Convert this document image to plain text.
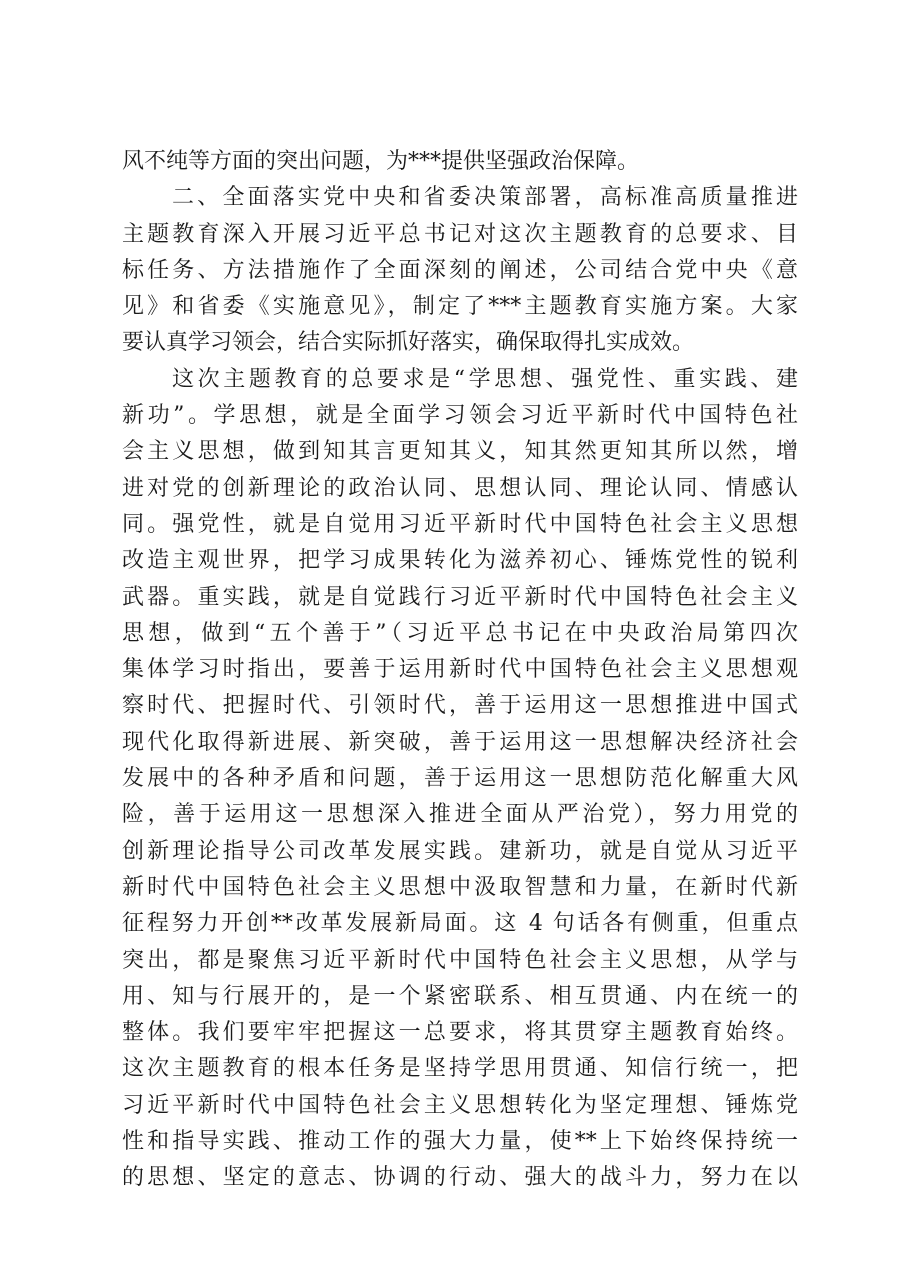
风不纯等方面的突出问题，为***提供坚强政治保障。
二、全面落实党中央和省委决策部署，高标准高质量推进
主题教育深入开展习近平总书记对这次主题教育的总要求、目
标任务、方法措施作了全面深刻的阐述，公司结合党中央《意
见》和省委《实施意见》，制定了***主题教育实施方案。大家
要认真学习领会，结合实际抓好落实，确保取得扎实成效。
这次主题教育的总要求是“学思想、强党性、重实践、建
新功”。学思想，就是全面学习领会习近平新时代中国特色社
会主义思想，做到知其言更知其义，知其然更知其所以然，增
进对党的创新理论的政治认同、思想认同、理论认同、情感认
同。强党性，就是自觉用习近平新时代中国特色社会主义思想
改造主观世界，把学习成果转化为滋养初心、锤炼党性的锐利
武器。重实践，就是自觉践行习近平新时代中国特色社会主义
思想，做到“五个善于”（习近平总书记在中央政治局第四次
集体学习时指出，要善于运用新时代中国特色社会主义思想观
察时代、把握时代、引领时代，善于运用这一思想推进中国式
现代化取得新进展、新突破，善于运用这一思想解决经济社会
发展中的各种矛盾和问题，善于运用这一思想防范化解重大风
险，善于运用这一思想深入推进全面从严治党），努力用党的
创新理论指导公司改革发展实践。建新功，就是自觉从习近平
新时代中国特色社会主义思想中汲取智慧和力量，在新时代新
征程努力开创**改革发展新局面。这 4 句话各有侧重，但重点
突出，都是聚焦习近平新时代中国特色社会主义思想，从学与
用、知与行展开的，是一个紧密联系、相互贯通、内在统一的
整体。我们要牢牢把握这一总要求，将其贯穿主题教育始终。
这次主题教育的根本任务是坚持学思用贯通、知信行统一，把
习近平新时代中国特色社会主义思想转化为坚定理想、锤炼党
性和指导实践、推动工作的强大力量，使**上下始终保持统一
的思想、坚定的意志、协调的行动、强大的战斗力，努力在以
